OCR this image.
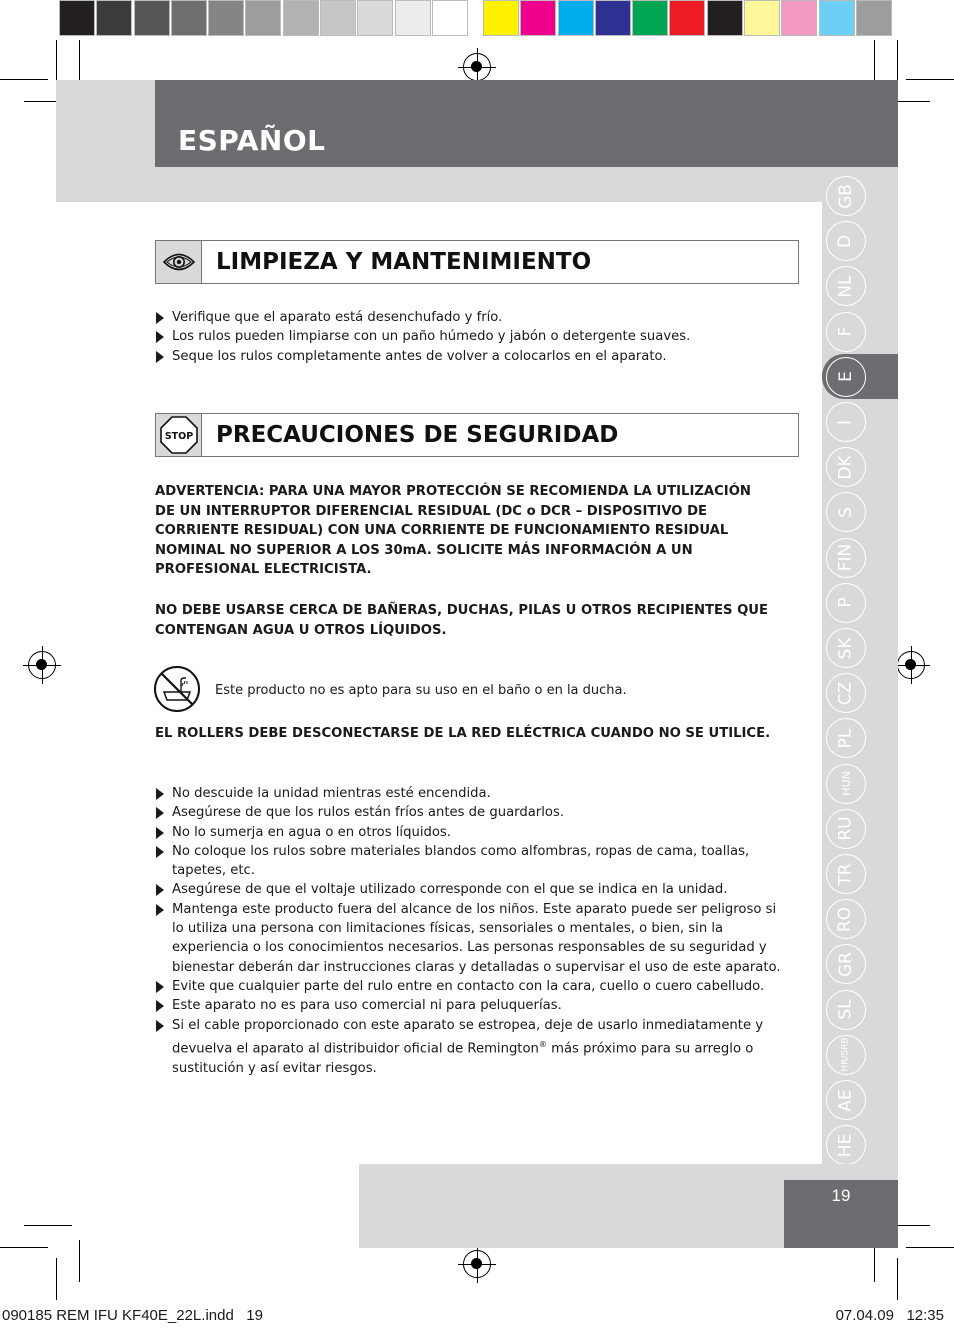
ESPAÑOL
GB
D
NL
F
E
I
DK
S
FIN
P
SK
CZ
PL
HUN
RU
TR
RO
GR
SL
HR/SRB
AE
HE
LIMPIEZA Y MANTENIMIENTO
Verifique que el aparato está desenchufado y frío.
Los rulos pueden limpiarse con un paño húmedo y jabón o detergente suaves.
Seque los rulos completamente antes de volver a colocarlos en el aparato.
STOP PRECAUCIONES DE SEGURIDAD
ADVERTENCIA: PARA UNA MAYOR PROTECCIÓN SE RECOMIENDA LA UTILIZACIÓN DE UN INTERRUPTOR DIFERENCIAL RESIDUAL (DC o DCR – DISPOSITIVO DE CORRIENTE RESIDUAL) CON UNA CORRIENTE DE FUNCIONAMIENTO RESIDUAL NOMINAL NO SUPERIOR A LOS 30mA. SOLICITE MÁS INFORMACIÓN A UN PROFESIONAL ELECTRICISTA.
NO DEBE USARSE CERCA DE BAÑERAS, DUCHAS, PILAS U OTROS RECIPIENTES QUE CONTENGAN AGUA U OTROS LÍQUIDOS.
Este producto no es apto para su uso en el baño o en la ducha.
EL ROLLERS DEBE DESCONECTARSE DE LA RED ELÉCTRICA CUANDO NO SE UTILICE.
No descuide la unidad mientras esté encendida.
Asegúrese de que los rulos están fríos antes de guardarlos.
No lo sumerja en agua o en otros líquidos.
No coloque los rulos sobre materiales blandos como alfombras, ropas de cama, toallas, tapetes, etc.
Asegúrese de que el voltaje utilizado corresponde con el que se indica en la unidad.
Mantenga este producto fuera del alcance de los niños. Este aparato puede ser peligroso si lo utiliza una persona con limitaciones físicas, sensoriales o mentales, o bien, sin la experiencia o los conocimientos necesarios. Las personas responsables de su seguridad y bienestar deberán dar instrucciones claras y detalladas o supervisar el uso de este aparato.
Evite que cualquier parte del rulo entre en contacto con la cara, cuello o cuero cabelludo.
Este aparato no es para uso comercial ni para peluquerías.
Si el cable proporcionado con este aparato se estropea, deje de usarlo inmediatamente y devuelva el aparato al distribuidor oficial de Remington® más próximo para su arreglo o sustitución y así evitar riesgos.
19
090185 REM IFU KF40E_22L.indd   19	07.04.09   12:35
